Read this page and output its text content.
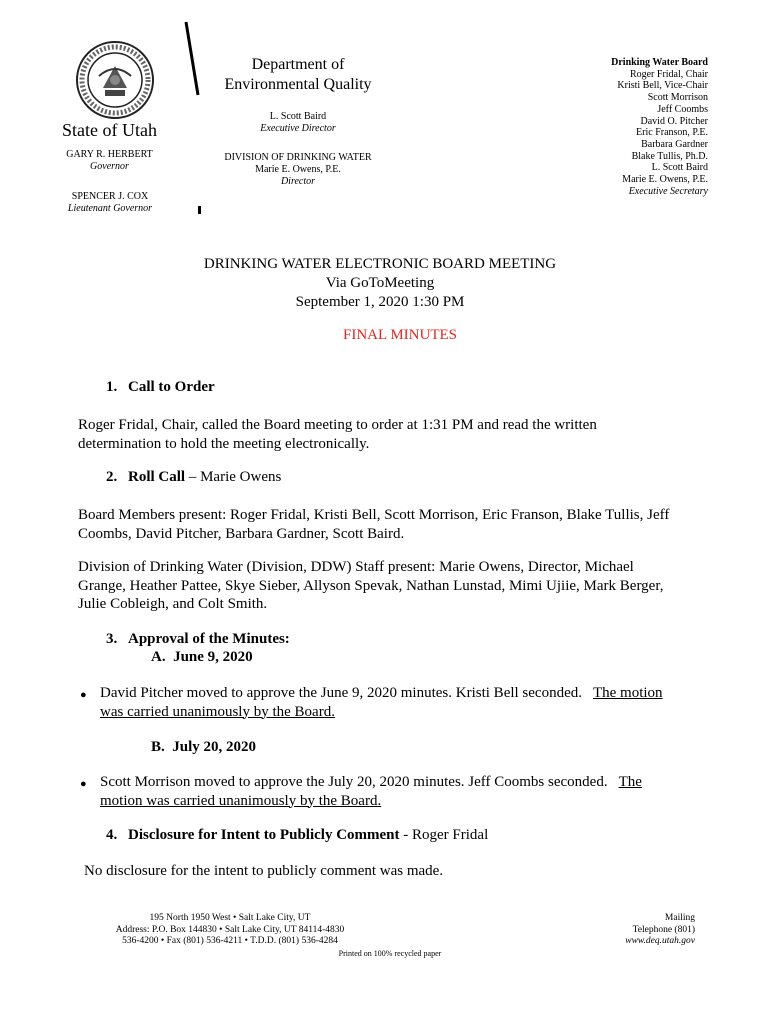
State of Utah
GARY R. HERBERT
Governor
SPENCER J. COX
Lieutenant Governor
Department of
Environmental Quality
L. Scott Baird
Executive Director
DIVISION OF DRINKING WATER
Marie E. Owens, P.E.
Director
Drinking Water Board
Roger Fridal, Chair
Kristi Bell, Vice-Chair
Scott Morrison
Jeff Coombs
David O. Pitcher
Eric Franson, P.E.
Barbara Gardner
Blake Tullis, Ph.D.
L. Scott Baird
Marie E. Owens, P.E.
Executive Secretary
DRINKING WATER ELECTRONIC BOARD MEETING
Via GoToMeeting
September 1, 2020 1:30 PM
FINAL MINUTES
1. Call to Order
Roger Fridal, Chair, called the Board meeting to order at 1:31 PM and read the written
determination to hold the meeting electronically.
2. Roll Call – Marie Owens
Board Members present: Roger Fridal, Kristi Bell, Scott Morrison, Eric Franson, Blake Tullis, Jeff
Coombs, David Pitcher, Barbara Gardner, Scott Baird.
Division of Drinking Water (Division, DDW) Staff present: Marie Owens, Director, Michael
Grange, Heather Pattee, Skye Sieber, Allyson Spevak, Nathan Lunstad, Mimi Ujiie, Mark Berger,
Julie Cobleigh, and Colt Smith.
3. Approval of the Minutes:
A.  June 9, 2020
● David Pitcher moved to approve the June 9, 2020 minutes. Kristi Bell seconded. The motion
was carried unanimously by the Board.
B.  July 20, 2020
● Scott Morrison moved to approve the July 20, 2020 minutes. Jeff Coombs seconded. The
motion was carried unanimously by the Board.
4. Disclosure for Intent to Publicly Comment - Roger Fridal
No disclosure for the intent to publicly comment was made.
195 North 1950 West • Salt Lake City, UT
Address: P.O. Box 144830 • Salt Lake City, UT 84114-4830
536-4200 • Fax (801) 536-4211 • T.D.D. (801) 536-4284
Mailing
Telephone (801)
www.deq.utah.gov
Printed on 100% recycled paper
